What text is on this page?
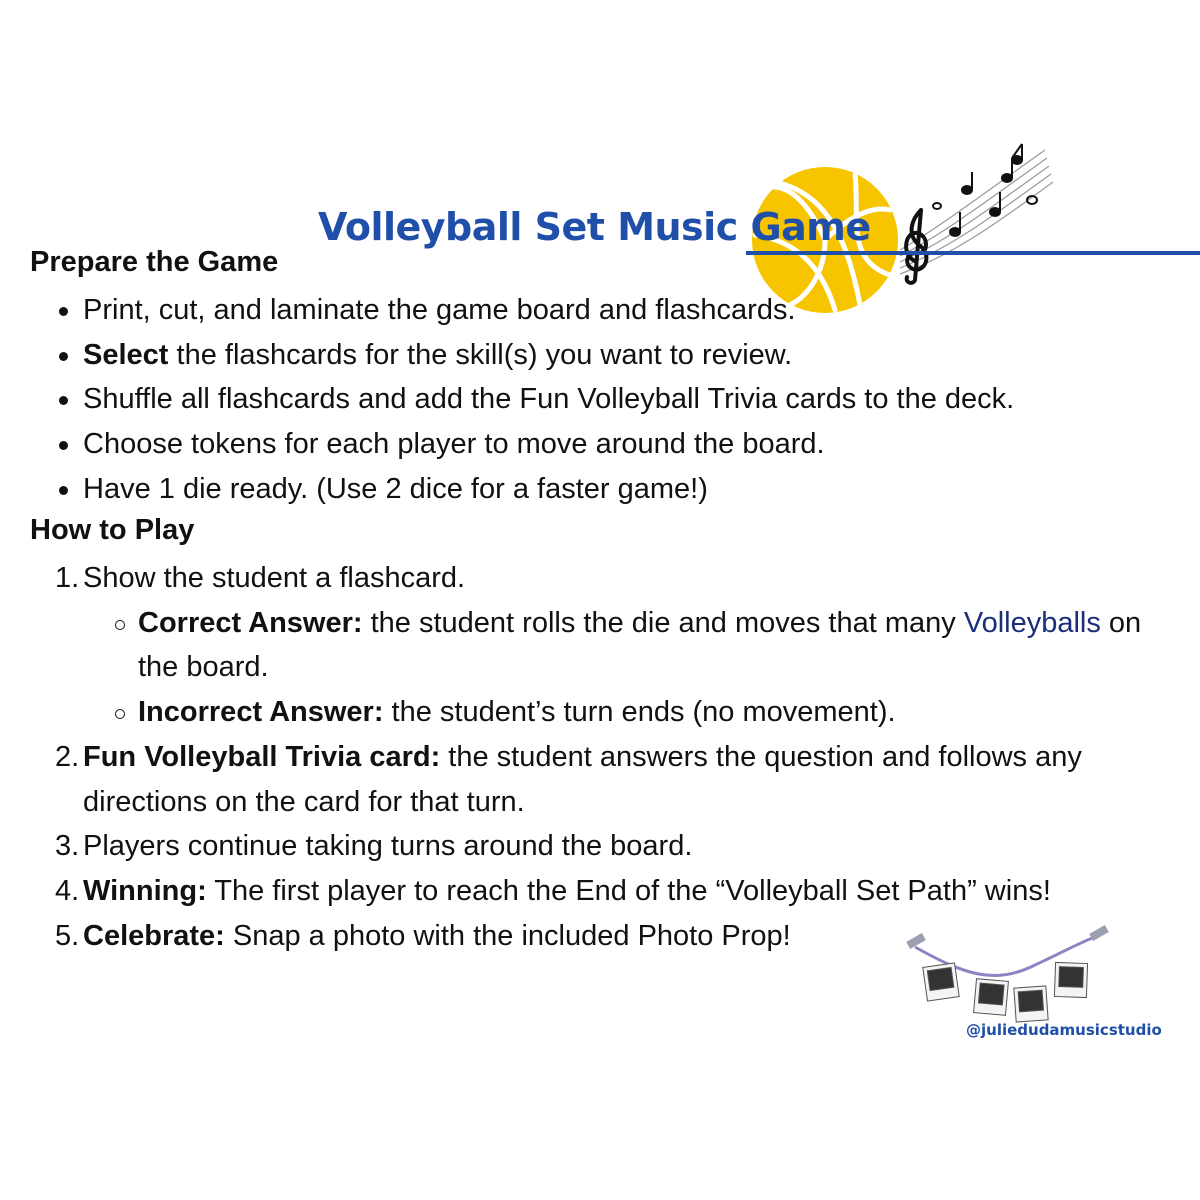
Volleyball Set Music Game
Prepare the Game
Print, cut, and laminate the game board and flashcards.
Select the flashcards for the skill(s) you want to review.
Shuffle all flashcards and add the Fun Volleyball Trivia cards to the deck.
Choose tokens for each player to move around the board.
Have 1 die ready. (Use 2 dice for a faster game!)
How to Play
1. Show the student a flashcard.
Correct Answer: the student rolls the die and moves that many Volleyballs on the board.
Incorrect Answer: the student’s turn ends (no movement).
2. Fun Volleyball Trivia card: the student answers the question and follows any directions on the card for that turn.
3. Players continue taking turns around the board.
4. Winning: The first player to reach the End of the “Volleyball Set Path” wins!
5. Celebrate: Snap a photo with the included Photo Prop!

@juliedudamusicstudio
